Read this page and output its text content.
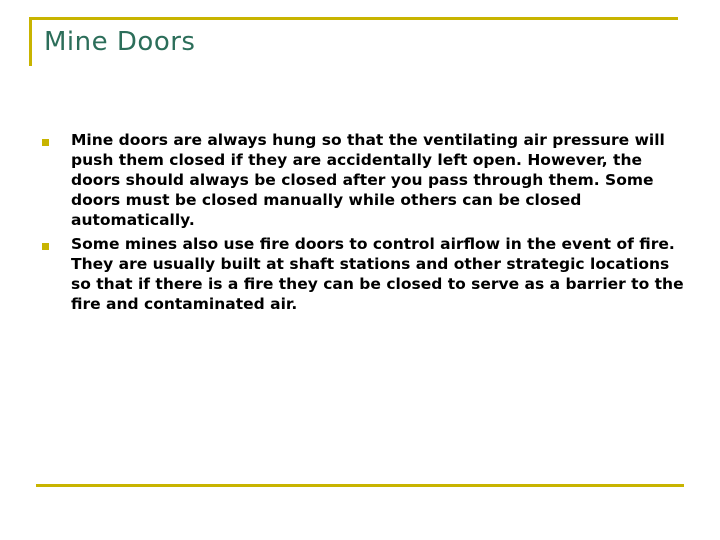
Mine Doors
Mine doors are always hung so that the ventilating air pressure will push them closed if they are accidentally left open. However, the doors should always be closed after you pass through them. Some doors must be closed manually while others can be closed automatically.
Some mines also use fire doors to control airflow in the event of fire. They are usually built at shaft stations and other strategic locations so that if there is a fire they can be closed to serve as a barrier to the fire and contaminated air.
